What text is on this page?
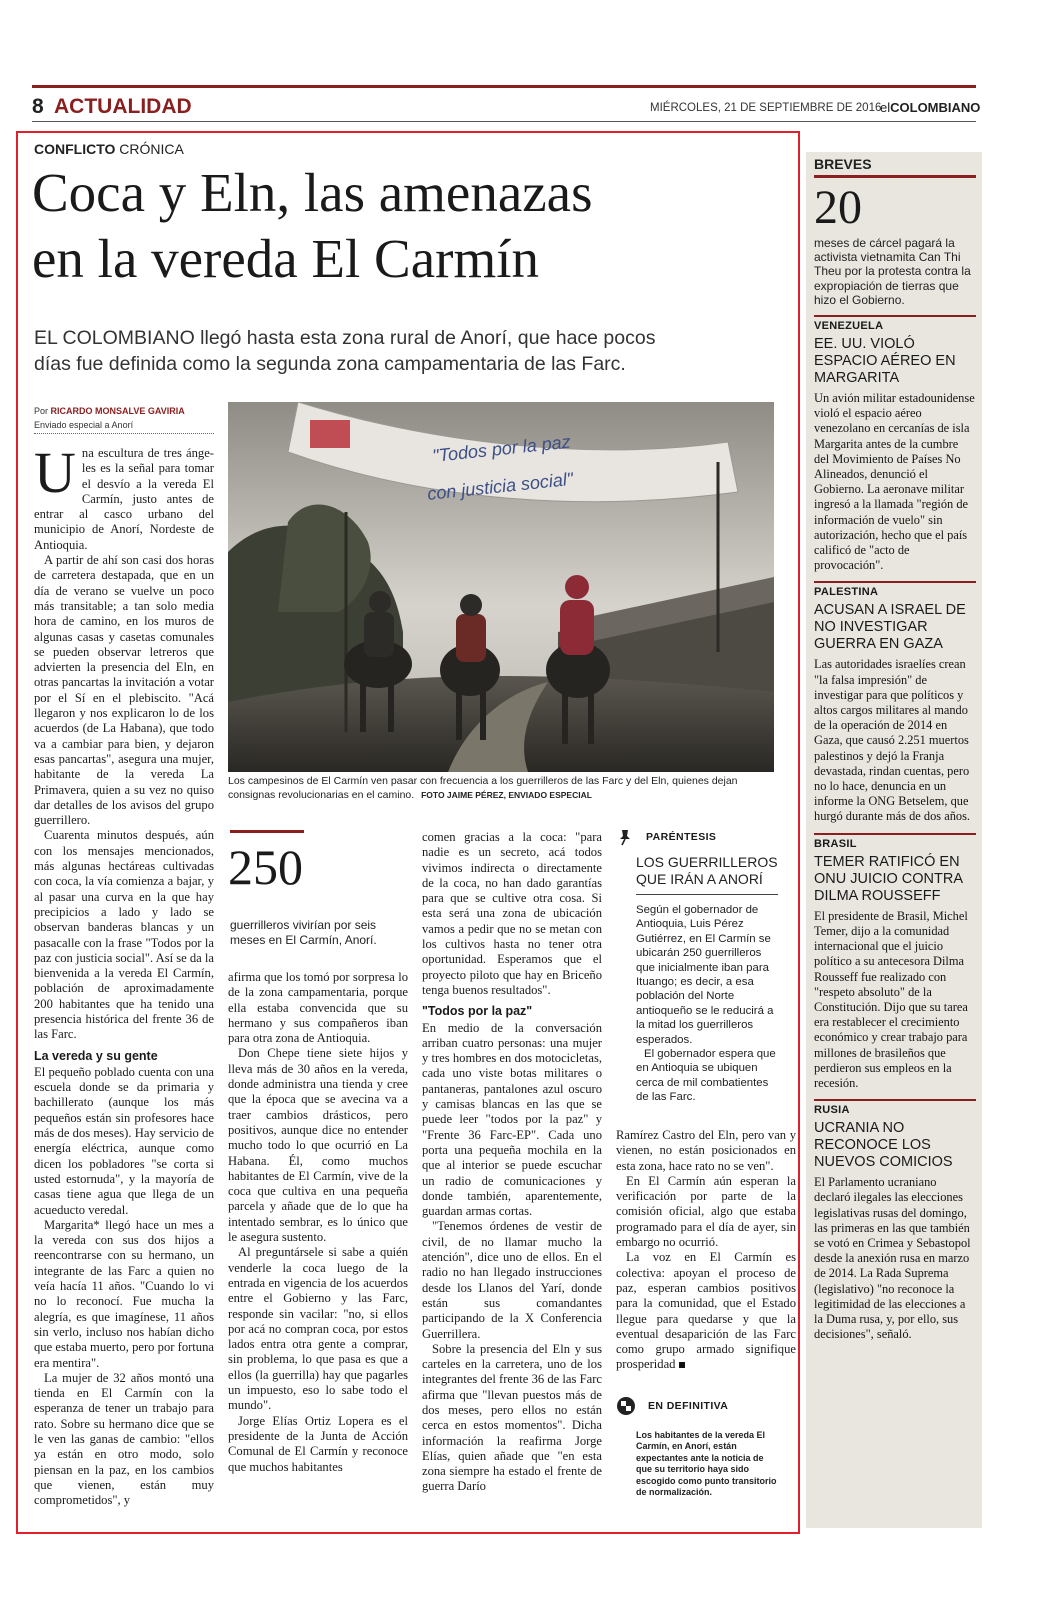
8 ACTUALIDAD	MIÉRCOLES, 21 DE SEPTIEMBRE DE 2016
elCOLOMBIANO
CONFLICTO CRÓNICA
Coca y Eln, las amenazas
en la vereda El Carmín
EL COLOMBIANO llegó hasta esta zona rural de Anorí, que hace pocos
días fue definida como la segunda zona campamentaria de las Farc.
Por RICARDO MONSALVE GAVIRIA
Enviado especial a Anorí
"Todos por la paz
con justicia social"
Los campesinos de El Carmín ven pasar con frecuencia a los guerrilleros de las Farc y del Eln, quienes dejan consignas revolucionarias en el camino. FOTO JAIME PÉREZ, ENVIADO ESPECIAL
U na escultura de tres ánge- les es la señal para tomar el desvío a la vereda El Carmín, justo antes de entrar al casco urbano del municipio de Anorí, Nordeste de Antioquia.

A partir de ahí son casi dos horas de carretera destapada, que en un día de verano se vuelve un poco más transitable; a tan solo media hora de camino, en los muros de algunas casas y casetas comunales se pueden observar letreros que advierten la presencia del Eln, en otras pancartas la invitación a votar por el Sí en el plebiscito. "Acá llegaron y nos explicaron lo de los acuerdos (de La Habana), que todo va a cambiar para bien, y dejaron esas pancartas", asegura una mujer, habitante de la vereda La Primavera, quien a su vez no quiso dar detalles de los avisos del grupo guerrillero.

Cuarenta minutos después, aún con los mensajes mencionados, más algunas hectáreas cultivadas con coca, la vía comienza a bajar, y al pasar una curva en la que hay precipicios a lado y lado se observan banderas blancas y un pasacalle con la frase "Todos por la paz con justicia social". Así se da la bienvenida a la vereda El Carmín, población de aproximadamente 200 habitantes que ha tenido una presencia histórica del frente 36 de las Farc.

La vereda y su gente

El pequeño poblado cuenta con una escuela donde se da primaria y bachillerato (aunque los más pequeños están sin profesores hace más de dos meses). Hay servicio de energía eléctrica, aunque como dicen los pobladores "se corta si usted estornuda", y la mayoría de casas tiene agua que llega de un acueducto veredal.

Margarita* llegó hace un mes a la vereda con sus dos hijos a reencontrarse con su hermano, un integrante de las Farc a quien no veía hacía 11 años. "Cuando lo vi no lo reconocí. Fue mucha la alegría, es que imagínese, 11 años sin verlo, incluso nos habían dicho que estaba muerto, pero por fortuna era mentira".

La mujer de 32 años montó una tienda en El Carmín con la esperanza de tener un trabajo para rato. Sobre su hermano dice que se le ven las ganas de cambio: "ellos ya están en otro modo, solo piensan en la paz, en los cambios que vienen, están muy comprometidos", y

250
guerrilleros vivirían por seis meses en El Carmín, Anorí.

afirma que los tomó por sorpresa lo de la zona campamentaria, porque ella estaba convencida que su hermano y sus compañeros iban para otra zona de Antioquia.

Don Chepe tiene siete hijos y lleva más de 30 años en la vereda, donde administra una tienda y cree que la época que se avecina va a traer cambios drásticos, pero positivos, aunque dice no entender mucho todo lo que ocurrió en La Habana. Él, como muchos habitantes de El Carmín, vive de la coca que cultiva en una pequeña parcela y añade que de lo que ha intentado sembrar, es lo único que le asegura sustento.

Al preguntársele si sabe a quién venderle la coca luego de la entrada en vigencia de los acuerdos entre el Gobierno y las Farc, responde sin vacilar: "no, si ellos por acá no compran coca, por estos lados entra otra gente a comprar, sin problema, lo que pasa es que a ellos (la guerrilla) hay que pagarles un impuesto, eso lo sabe todo el mundo".

Jorge Elías Ortiz Lopera es el presidente de la Junta de Acción Comunal de El Carmín y reconoce que muchos habitantes

comen gracias a la coca: "para nadie es un secreto, acá todos vivimos indirecta o directamente de la coca, no han dado garantías para que se cultive otra cosa. Si esta será una zona de ubicación vamos a pedir que no se metan con los cultivos hasta no tener otra oportunidad. Esperamos que el proyecto piloto que hay en Briceño tenga buenos resultados".

"Todos por la paz"

En medio de la conversación arriban cuatro personas: una mujer y tres hombres en dos motocicletas, cada uno viste botas militares o pantaneras, pantalones azul oscuro y camisas blancas en las que se puede leer "todos por la paz" y "Frente 36 Farc-EP". Cada uno porta una pequeña mochila en la que al interior se puede escuchar un radio de comunicaciones y donde también, aparentemente, guardan armas cortas.

"Tenemos órdenes de vestir de civil, de no llamar mucho la atención", dice uno de ellos. En el radio no han llegado instrucciones desde los Llanos del Yarí, donde están sus comandantes participando de la X Conferencia Guerrillera.

Sobre la presencia del Eln y sus carteles en la carretera, uno de los integrantes del frente 36 de las Farc afirma que "llevan puestos más de dos meses, pero ellos no están cerca en estos momentos". Dicha información la reafirma Jorge Elías, quien añade que "en esta zona siempre ha estado el frente de guerra Darío

PARÉNTESIS
LOS GUERRILLEROS
QUE IRÁN A ANORÍ
Según el gobernador de Antioquia, Luis Pérez Gutiérrez, en El Carmín se ubicarán 250 guerrilleros que inicialmente iban para Ituango; es decir, a esa población del Norte antioqueño se le reducirá a la mitad los guerrilleros esperados.
El gobernador espera que en Antioquia se ubiquen cerca de mil combatientes de las Farc.

Ramírez Castro del Eln, pero van y vienen, no están posicionados en esta zona, hace rato no se ven".

En El Carmín aún esperan la verificación por parte de la comisión oficial, algo que estaba programado para el día de ayer, sin embargo no ocurrió.

La voz en El Carmín es colectiva: apoyan el proceso de paz, esperan cambios positivos para la comunidad, que el Estado llegue para quedarse y que la eventual desaparición de las Farc como grupo armado signifique prosperidad

EN DEFINITIVA
Los habitantes de la vereda El Carmín, en Anorí, están expectantes ante la noticia de que su territorio haya sido escogido como punto transitorio de normalización.
BREVES
20
meses de cárcel pagará la activista vietnamita Can Thi Theu por la protesta contra la expropiación de tierras que hizo el Gobierno.
VENEZUELA
EE. UU. VIOLÓ ESPACIO AÉREO EN MARGARITA
Un avión militar estadounidense violó el espacio aéreo venezolano en cercanías de isla Margarita antes de la cumbre del Movimiento de Países No Alineados, denunció el Gobierno. La aeronave militar ingresó a la llamada "región de información de vuelo" sin autorización, hecho que el país calificó de "acto de provocación".
PALESTINA
ACUSAN A ISRAEL DE NO INVESTIGAR GUERRA EN GAZA
Las autoridades israelíes crean "la falsa impresión" de investigar para que políticos y altos cargos militares al mando de la operación de 2014 en Gaza, que causó 2.251 muertos palestinos y dejó la Franja devastada, rindan cuentas, pero no lo hace, denuncia en un informe la ONG Betselem, que hurgó durante más de dos años.
BRASIL
TEMER RATIFICÓ EN ONU JUICIO CONTRA DILMA ROUSSEFF
El presidente de Brasil, Michel Temer, dijo a la comunidad internacional que el juicio político a su antecesora Dilma Rousseff fue realizado con "respeto absoluto" de la Constitución. Dijo que su tarea era restablecer el crecimiento económico y crear trabajo para millones de brasileños que perdieron sus empleos en la recesión.
RUSIA
UCRANIA NO RECONOCE LOS NUEVOS COMICIOS
El Parlamento ucraniano declaró ilegales las elecciones legislativas rusas del domingo, las primeras en las que también se votó en Crimea y Sebastopol desde la anexión rusa en marzo de 2014. La Rada Suprema (legislativo) "no reconoce la legitimidad de las elecciones a la Duma rusa, y, por ello, sus decisiones", señaló.
